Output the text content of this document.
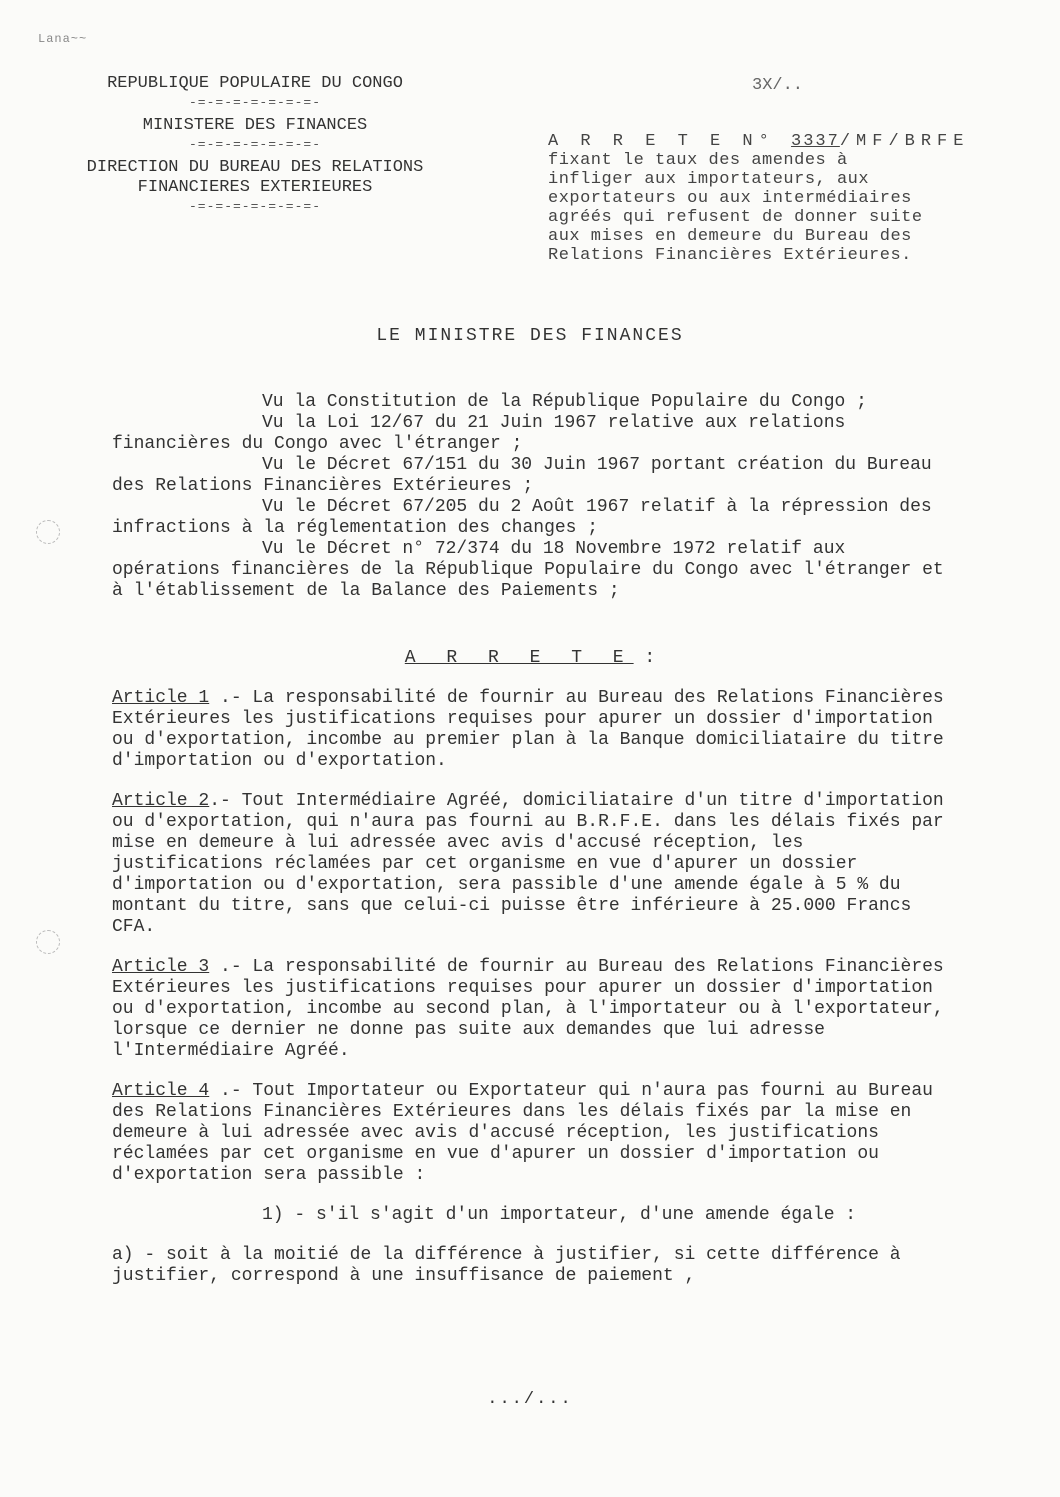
Lana~~
REPUBLIQUE POPULAIRE DU CONGO
-=-=-=-=-=-=-=-
MINISTERE DES FINANCES
-=-=-=-=-=-=-=-
DIRECTION DU BUREAU DES RELATIONS
FINANCIERES EXTERIEURES
-=-=-=-=-=-=-=-
3X/..
A R R E T E N° 3337/MF/BRFE
fixant le taux des amendes à
infliger aux importateurs, aux
exportateurs ou aux intermédiaires
agréés qui refusent de donner suite
aux mises en demeure du Bureau des
Relations Financières Extérieures.
LE MINISTRE DES FINANCES

Vu la Constitution de la République Populaire du Congo ;

Vu la Loi 12/67 du 21 Juin 1967 relative aux relations financières du Congo avec l'étranger ;

Vu le Décret 67/151 du 30 Juin 1967 portant création du Bureau des Relations Financières Extérieures ;

Vu le Décret 67/205 du 2 Août 1967 relatif à la répression des infractions à la réglementation des changes ;

Vu le Décret n° 72/374 du 18 Novembre 1972 relatif aux opérations financières de la République Populaire du Congo avec l'étranger et à l'établissement de la Balance des Paiements ;

A R R E T E :

Article 1 .- La responsabilité de fournir au Bureau des Relations Financières Extérieures les justifications requises pour apurer un dossier d'importation ou d'exportation, incombe au premier plan à la Banque domiciliataire du titre d'importation ou d'exportation.

Article 2.- Tout Intermédiaire Agréé, domiciliataire d'un titre d'importation ou d'exportation, qui n'aura pas fourni au B.R.F.E. dans les délais fixés par mise en demeure à lui adressée avec avis d'accusé réception, les justifications réclamées par cet organisme en vue d'apurer un dossier d'importation ou d'exportation, sera passible d'une amende égale à 5 % du montant du titre, sans que celui-ci puisse être inférieure à 25.000 Francs CFA.

Article 3 .- La responsabilité de fournir au Bureau des Relations Financières Extérieures les justifications requises pour apurer un dossier d'importation ou d'exportation, incombe au second plan, à l'importateur ou à l'exportateur, lorsque ce dernier ne donne pas suite aux demandes que lui adresse l'Intermédiaire Agréé.

Article 4 .- Tout Importateur ou Exportateur qui n'aura pas fourni au Bureau des Relations Financières Extérieures dans les délais fixés par la mise en demeure à lui adressée avec avis d'accusé réception, les justifications réclamées par cet organisme en vue d'apurer un dossier d'importation ou d'exportation sera passible :

1) - s'il s'agit d'un importateur, d'une amende égale :

a) - soit à la moitié de la différence à justifier, si cette différence à justifier, correspond à une insuffisance de paiement ,

.../...
